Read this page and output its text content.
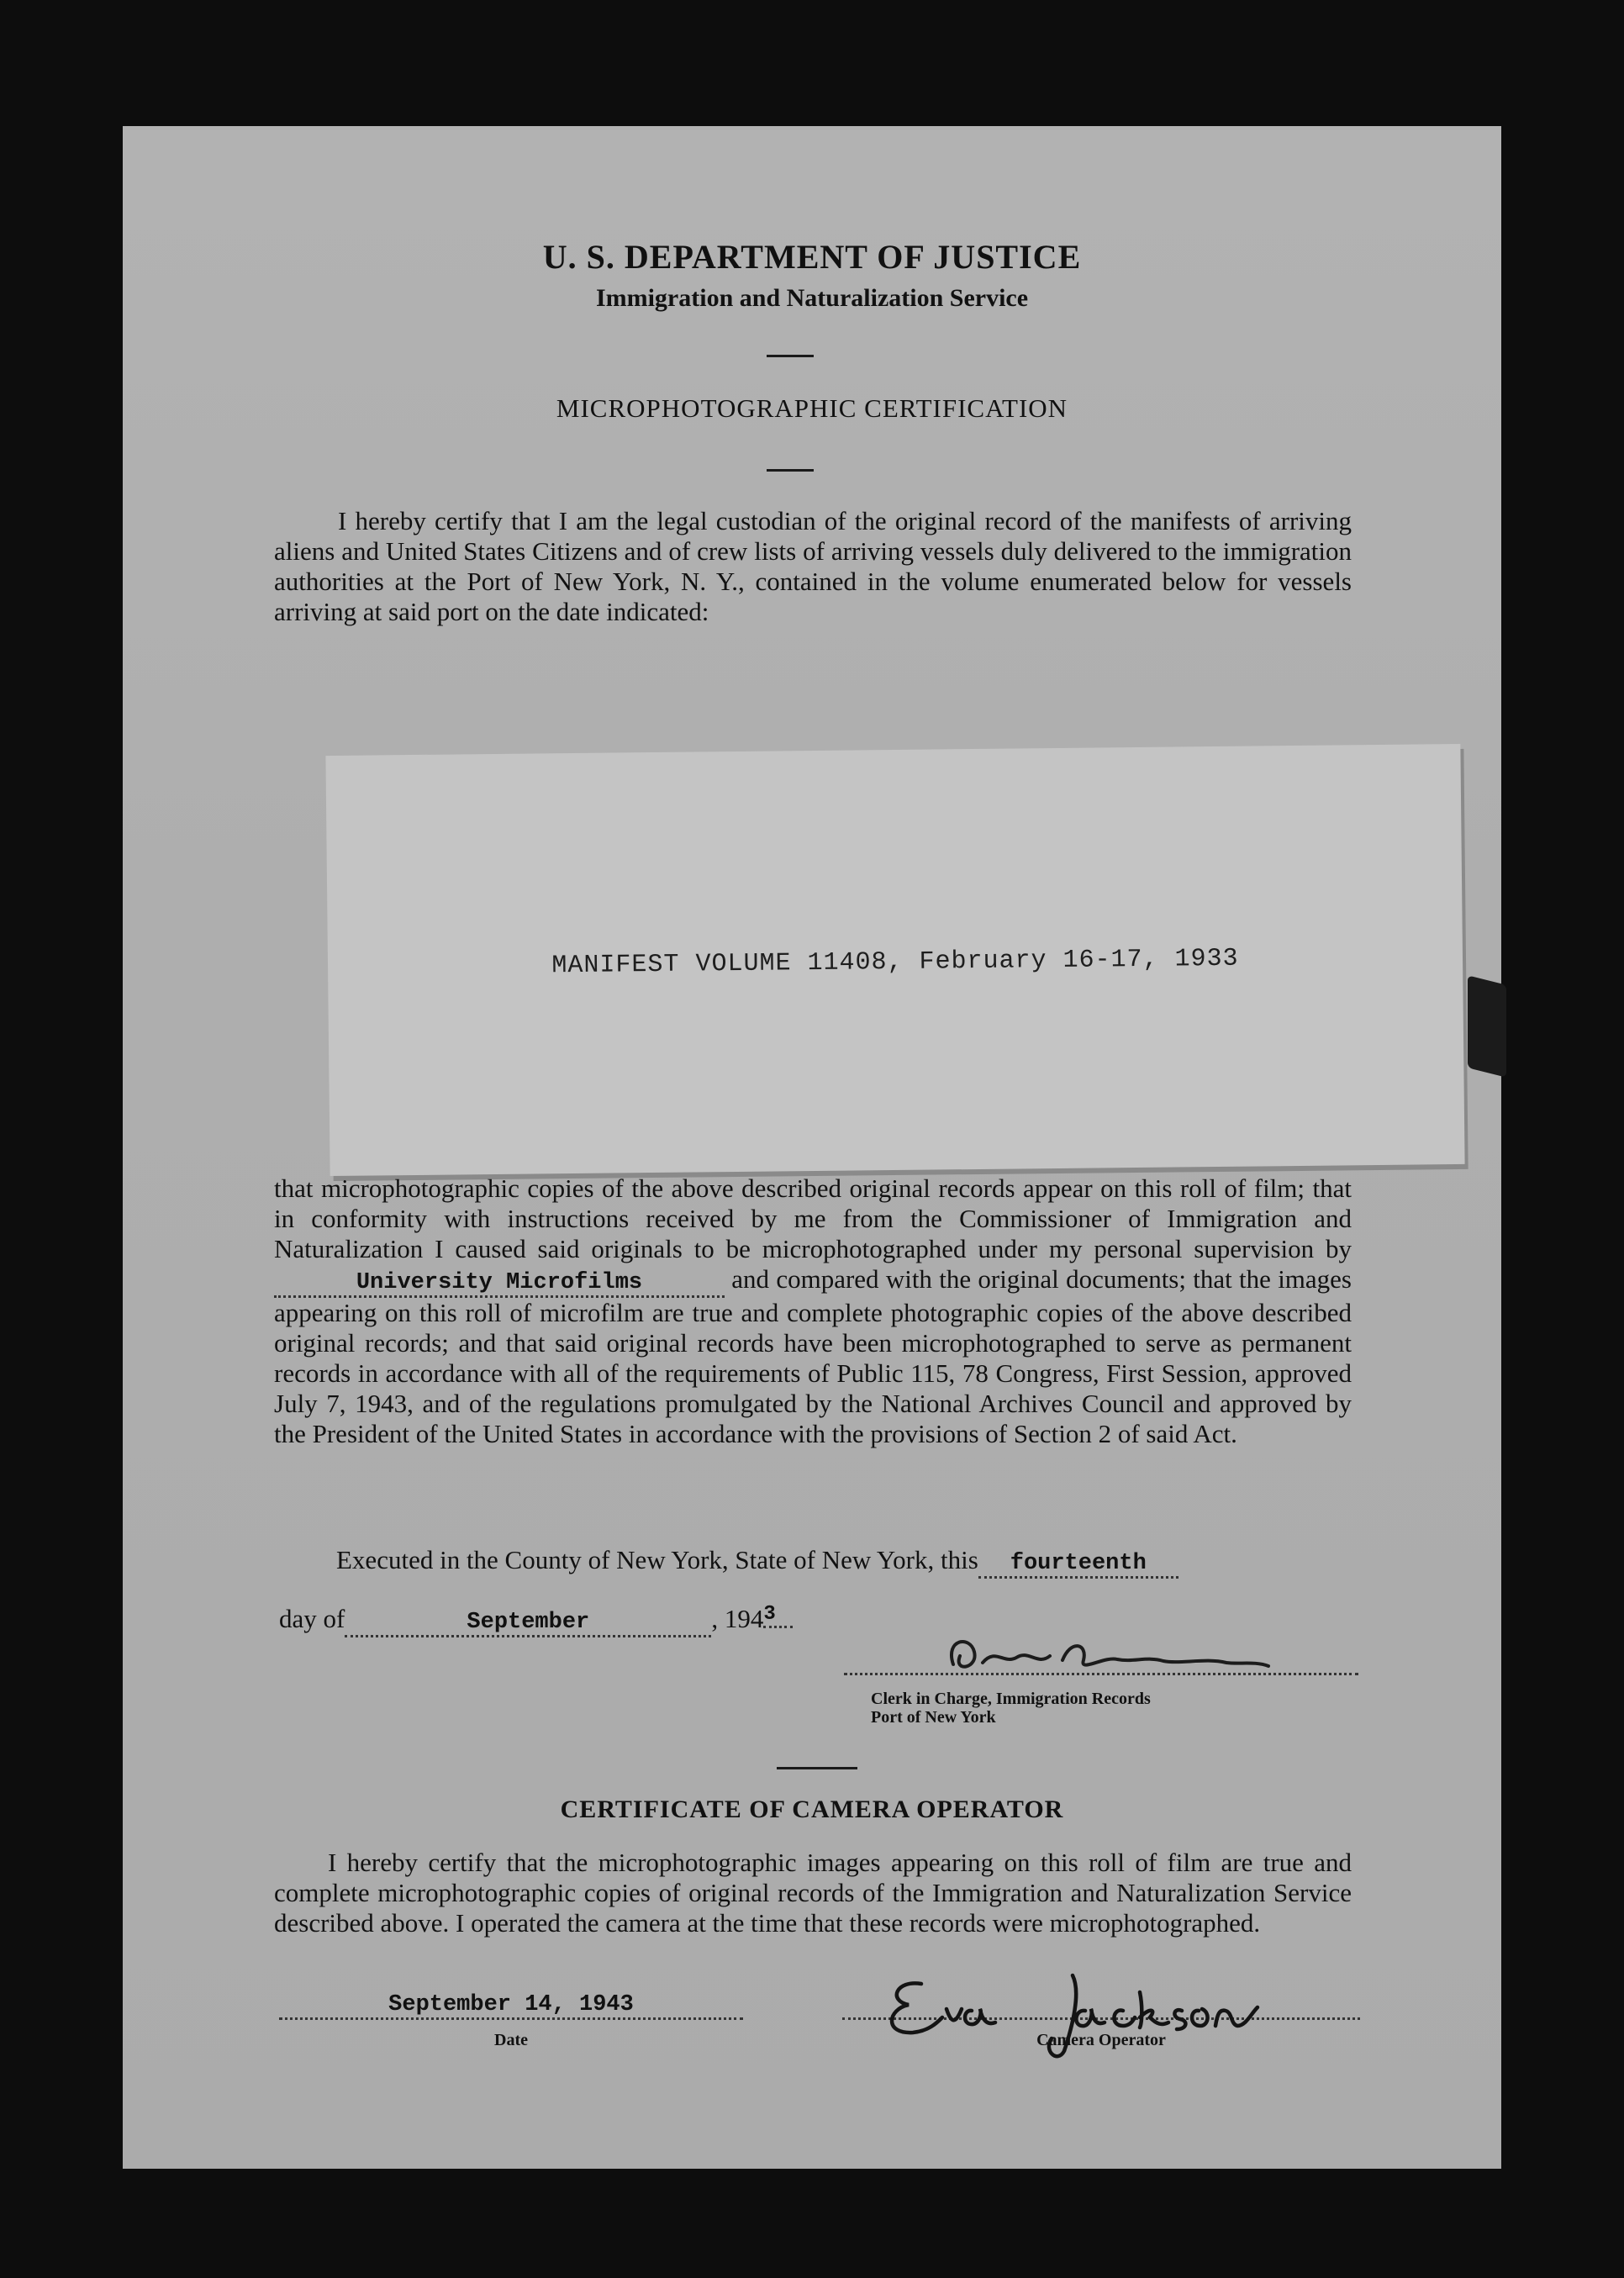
U. S. DEPARTMENT OF JUSTICE
Immigration and Naturalization Service
MICROPHOTOGRAPHIC CERTIFICATION
I hereby certify that I am the legal custodian of the original record of the manifests of arriving aliens and United States Citizens and of crew lists of arriving vessels duly delivered to the immigration authorities at the Port of New York, N. Y., contained in the volume enumerated below for vessels arriving at said port on the date indicated:
MANIFEST VOLUME 11408, February 16-17, 1933
that microphotographic copies of the above described original records appear on this roll of film; that in conformity with instructions received by me from the Commissioner of Immigration and Naturalization I caused said originals to be microphotographed under my personal supervision by University Microfilms	and compared with the original documents; that the images appearing on this roll of microfilm are true and complete photographic copies of the above described original records; and that said original records have been microphotographed to serve as permanent records in accordance with all of the requirements of Public 115, 78 Congress, First Session, approved July 7, 1943, and of the regulations promulgated by the National Archives Council and approved by the President of the United States in accordance with the provisions of Section 2 of said Act.
Executed in the County of New York, State of New York, this fourteenth
day of	September	, 1943
Clerk in Charge, Immigration Records
Port of New York
CERTIFICATE OF CAMERA OPERATOR
I hereby certify that the microphotographic images appearing on this roll of film are true and complete microphotographic copies of original records of the Immigration and Naturalization Service described above. I operated the camera at the time that these records were microphotographed.
September 14, 1943
Date	Camera Operator
